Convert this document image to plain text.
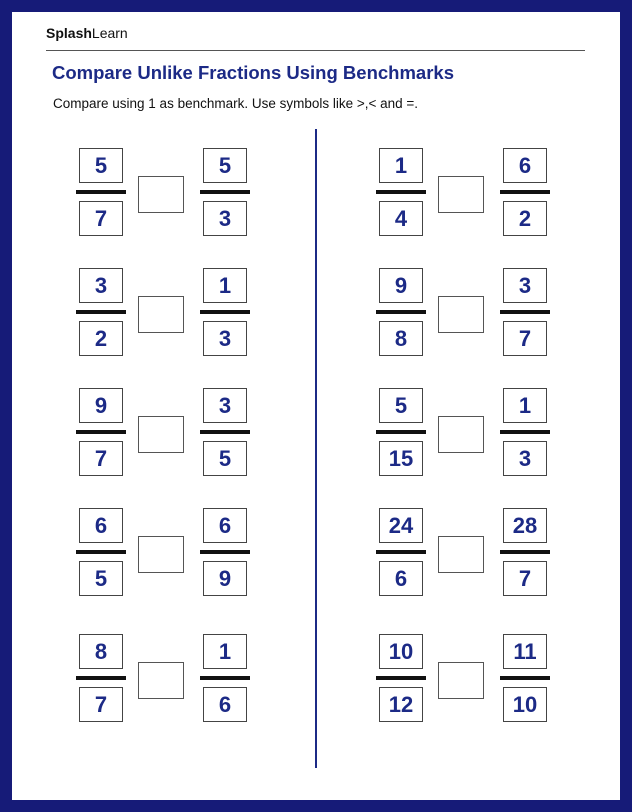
SplashLearn
Compare Unlike Fractions Using Benchmarks
Compare using 1 as benchmark. Use symbols like >,< and =.
$\frac{5}{7}$	$\frac{5}{3}$
$\frac{3}{2}$	$\frac{1}{3}$
$\frac{9}{7}$	$\frac{3}{5}$
$\frac{6}{5}$	$\frac{6}{9}$
$\frac{8}{7}$	$\frac{1}{6}$
$\frac{1}{4}$	$\frac{6}{2}$
$\frac{9}{8}$	$\frac{3}{7}$
$\frac{5}{15}$	$\frac{1}{3}$
$\frac{24}{6}$	$\frac{28}{7}$
$\frac{10}{12}$	$\frac{11}{10}$
